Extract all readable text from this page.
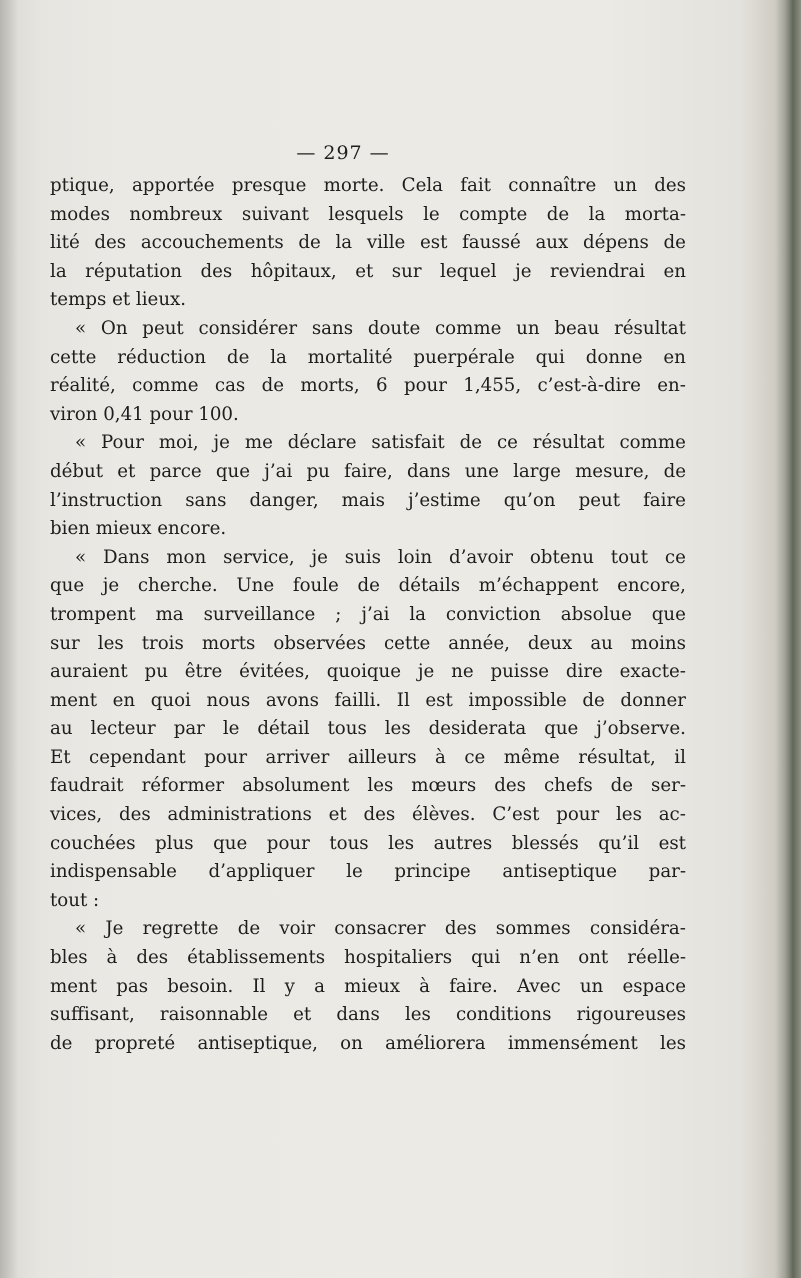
— 297 —
ptique, apportée presque morte. Cela fait connaître un des
modes nombreux suivant lesquels le compte de la morta-
lité des accouchements de la ville est faussé aux dépens de
la réputation des hôpitaux, et sur lequel je reviendrai en
temps et lieux.
« On peut considérer sans doute comme un beau résultat
cette réduction de la mortalité puerpérale qui donne en
réalité, comme cas de morts, 6 pour 1,455, c’est-à-dire en-
viron 0,41 pour 100.
« Pour moi, je me déclare satisfait de ce résultat comme
début et parce que j’ai pu faire, dans une large mesure, de
l’instruction sans danger, mais j’estime qu’on peut faire
bien mieux encore.
« Dans mon service, je suis loin d’avoir obtenu tout ce
que je cherche. Une foule de détails m’échappent encore,
trompent ma surveillance ; j’ai la conviction absolue que
sur les trois morts observées cette année, deux au moins
auraient pu être évitées, quoique je ne puisse dire exacte-
ment en quoi nous avons failli. Il est impossible de donner
au lecteur par le détail tous les desiderata que j’observe.
Et cependant pour arriver ailleurs à ce même résultat, il
faudrait réformer absolument les mœurs des chefs de ser-
vices, des administrations et des élèves. C’est pour les ac-
couchées plus que pour tous les autres blessés qu’il est
indispensable d’appliquer le principe antiseptique par-
tout :
« Je regrette de voir consacrer des sommes considéra-
bles à des établissements hospitaliers qui n’en ont réelle-
ment pas besoin. Il y a mieux à faire. Avec un espace
suffisant, raisonnable et dans les conditions rigoureuses
de propreté antiseptique, on améliorera immensément les
